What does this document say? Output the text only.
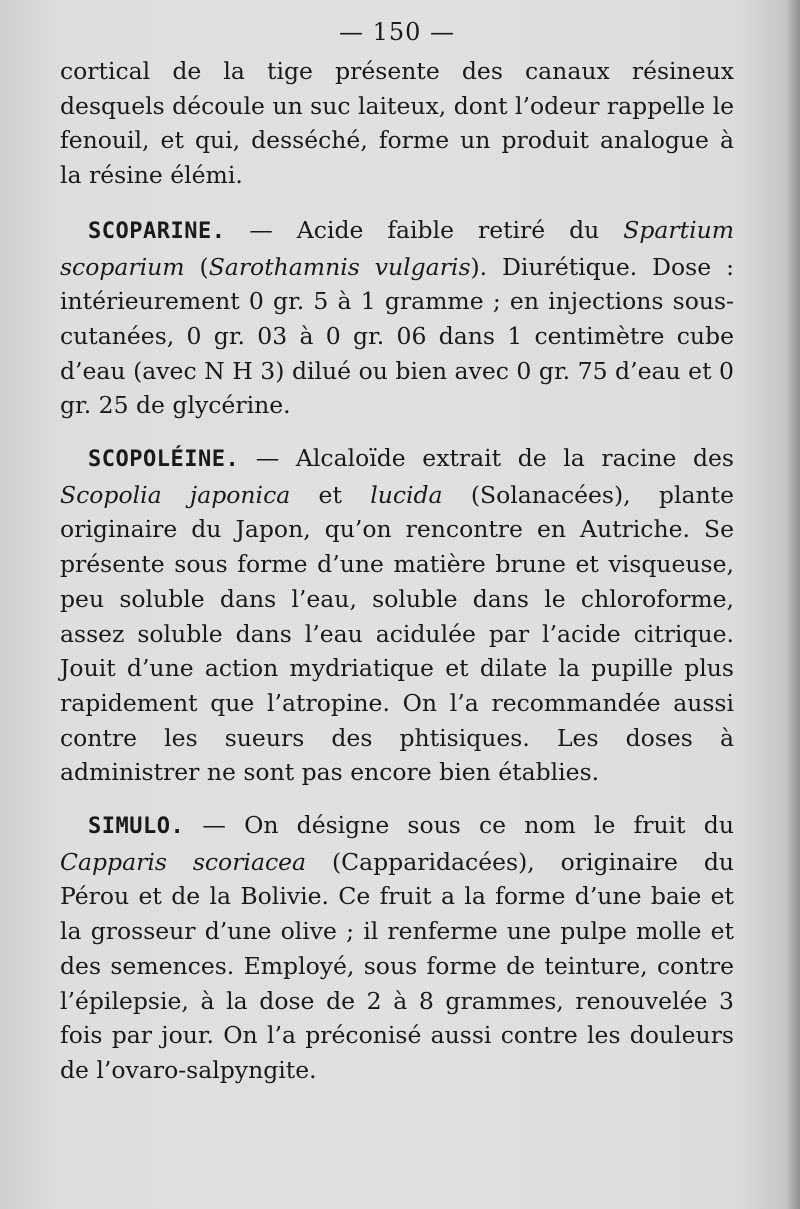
— 150 —

cortical de la tige présente des canaux résineux desquels découle un suc laiteux, dont l’odeur rappelle le fenouil, et qui, desséché, forme un produit analogue à la résine élémi.

SCOPARINE. — Acide faible retiré du Spartium scoparium (Sarothamnis vulgaris). Diurétique. Dose : intérieurement 0 gr. 5 à 1 gramme ; en injections sous-cutanées, 0 gr. 03 à 0 gr. 06 dans 1 centimètre cube d’eau (avec N H 3) dilué ou bien avec 0 gr. 75 d’eau et 0 gr. 25 de glycérine.

SCOPOLÉINE. — Alcaloïde extrait de la racine des Scopolia japonica et lucida (Solanacées), plante originaire du Japon, qu’on rencontre en Autriche. Se présente sous forme d’une matière brune et visqueuse, peu soluble dans l’eau, soluble dans le chloroforme, assez soluble dans l’eau acidulée par l’acide citrique. Jouit d’une action mydriatique et dilate la pupille plus rapidement que l’atropine. On l’a recommandée aussi contre les sueurs des phtisiques. Les doses à administrer ne sont pas encore bien établies.

SIMULO. — On désigne sous ce nom le fruit du Capparis scoriacea (Capparidacées), originaire du Pérou et de la Bolivie. Ce fruit a la forme d’une baie et la grosseur d’une olive ; il renferme une pulpe molle et des semences. Employé, sous forme de teinture, contre l’épilepsie, à la dose de 2 à 8 grammes, renouvelée 3 fois par jour. On l’a préconisé aussi contre les douleurs de l’ovaro-salpyngite.
